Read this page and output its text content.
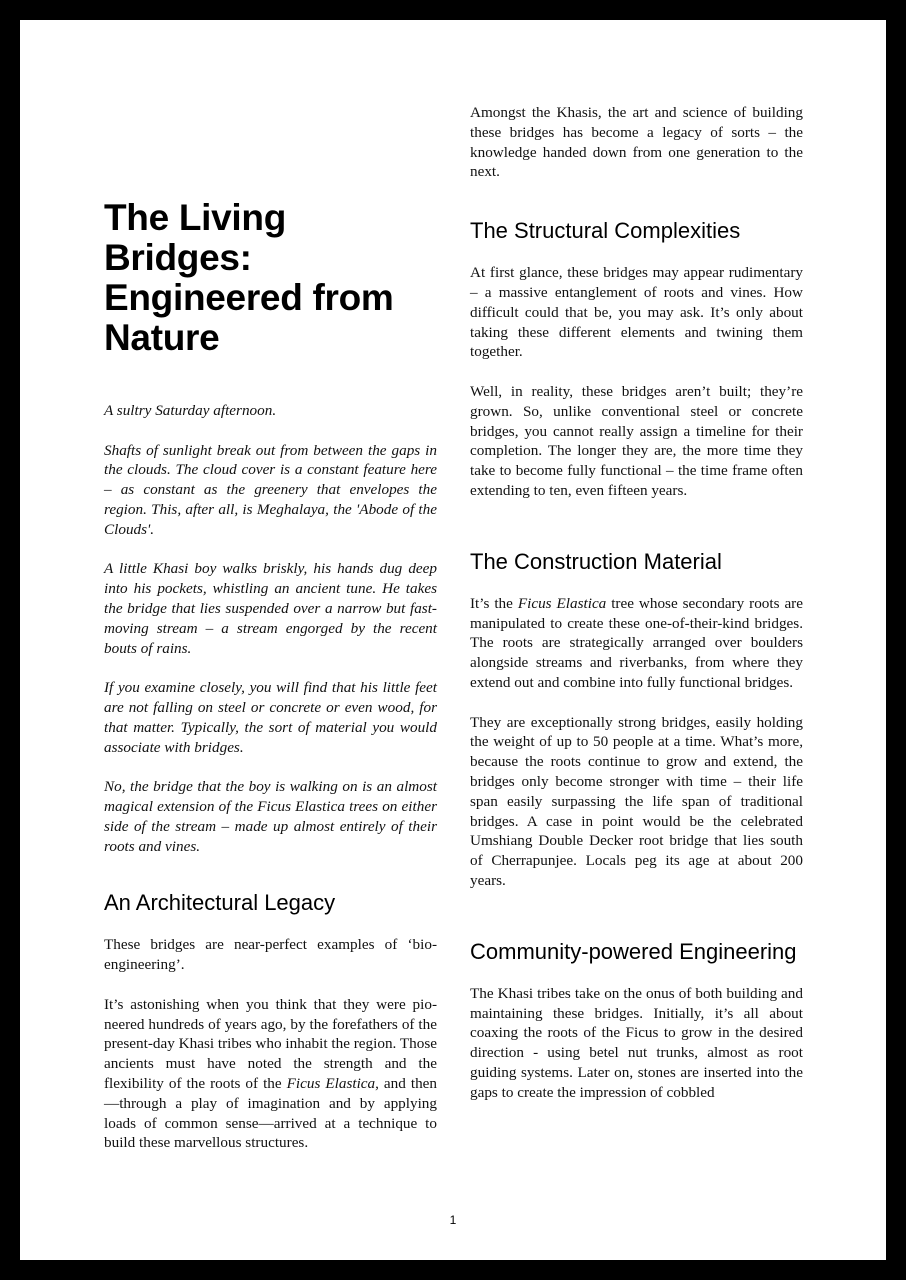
The Living Bridges: Engineered from Nature

A sultry Saturday afternoon.

Shafts of sunlight break out from between the gaps in the clouds. The cloud cover is a constant feature here – as constant as the greenery that envelopes the region. This, after all, is Meghalaya, the 'Abode of the Clouds'.

A little Khasi boy walks briskly, his hands dug deep into his pockets, whistling an ancient tune. He takes the bridge that lies suspended over a narrow but fast-moving stream – a stream engorged by the recent bouts of rains.

If you examine closely, you will find that his little feet are not falling on steel or concrete or even wood, for that matter. Typically, the sort of material you would associate with bridges.

No, the bridge that the boy is walking on is an almost magical extension of the Ficus Elastica trees on either side of the stream – made up almost entirely of their roots and vines.

An Architectural Legacy

These bridges are near-perfect examples of ‘bio-engineering’.

It’s astonishing when you think that they were pioneered hundreds of years ago, by the forefathers of the present-day Khasi tribes who inhabit the region. Those ancients must have noted the strength and the flexibility of the roots of the Ficus Elastica, and then—through a play of imagination and by applying loads of common sense—arrived at a technique to build these marvellous structures.

Amongst the Khasis, the art and science of building these bridges has become a legacy of sorts – the knowledge handed down from one generation to the next.

The Structural Complexities

At first glance, these bridges may appear rudimentary – a massive entanglement of roots and vines. How difficult could that be, you may ask. It’s only about taking these different elements and twining them together.

Well, in reality, these bridges aren’t built; they’re grown. So, unlike conventional steel or concrete bridges, you cannot really assign a timeline for their completion. The longer they are, the more time they take to become fully functional – the time frame often extending to ten, even fifteen years.

The Construction Material

It’s the Ficus Elastica tree whose secondary roots are manipulated to create these one-of-their-kind bridges. The roots are strategically arranged over boulders alongside streams and riverbanks, from where they extend out and combine into fully functional bridges.

They are exceptionally strong bridges, easily holding the weight of up to 50 people at a time. What’s more, because the roots continue to grow and extend, the bridges only become stronger with time – their life span easily surpassing the life span of traditional bridges. A case in point would be the celebrated Umshiang Double Decker root bridge that lies south of Cherrapunjee. Locals peg its age at about 200 years.

Community-powered Engineering

The Khasi tribes take on the onus of both building and maintaining these bridges. Initially, it’s all about coaxing the roots of the Ficus to grow in the desired direction - using betel nut trunks, almost as root guiding systems. Later on, stones are inserted into the gaps to create the impression of cobbled

1
